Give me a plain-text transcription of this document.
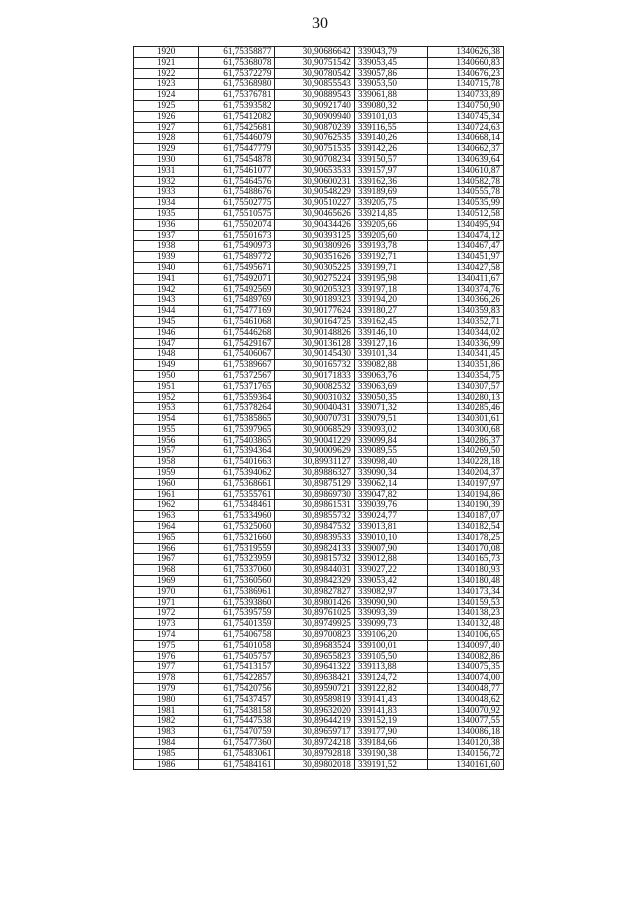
30
1920	61,75358877	30,90686642	339043,79	1340626,38
1921	61,75368078	30,90751542	339053,45	1340660,83
1922	61,75372279	30,90780542	339057,86	1340676,23
1923	61,75368980	30,90855543	339053,50	1340715,78
1924	61,75376781	30,90889543	339061,88	1340733,89
1925	61,75393582	30,90921740	339080,32	1340750,90
1926	61,75412082	30,90909940	339101,03	1340745,34
1927	61,75425681	30,90870239	339116,55	1340724,63
1928	61,75446079	30,90762535	339140,26	1340668,14
1929	61,75447779	30,90751535	339142,26	1340662,37
1930	61,75454878	30,90708234	339150,57	1340639,64
1931	61,75461077	30,90653533	339157,97	1340610,87
1932	61,75464576	30,90600231	339162,36	1340582,78
1933	61,75488676	30,90548229	339189,69	1340555,78
1934	61,75502775	30,90510227	339205,75	1340535,99
1935	61,75510575	30,90465626	339214,85	1340512,58
1936	61,75502074	30,90434426	339205,66	1340495,94
1937	61,75501673	30,90393125	339205,60	1340474,12
1938	61,75490973	30,90380926	339193,78	1340467,47
1939	61,75489772	30,90351626	339192,71	1340451,97
1940	61,75495671	30,90305225	339199,71	1340427,58
1941	61,75492071	30,90275224	339195,98	1340411,67
1942	61,75492569	30,90205323	339197,18	1340374,76
1943	61,75489769	30,90189323	339194,20	1340366,26
1944	61,75477169	30,90177624	339180,27	1340359,83
1945	61,75461068	30,90164725	339162,45	1340352,71
1946	61,75446268	30,90148826	339146,10	1340344,02
1947	61,75429167	30,90136128	339127,16	1340336,99
1948	61,75406067	30,90145430	339101,34	1340341,45
1949	61,75389667	30,90165732	339082,88	1340351,86
1950	61,75372567	30,90171833	339063,76	1340354,75
1951	61,75371765	30,90082532	339063,69	1340307,57
1952	61,75359364	30,90031032	339050,35	1340280,13
1953	61,75378264	30,90040431	339071,32	1340285,46
1954	61,75385865	30,90070731	339079,51	1340301,61
1955	61,75397965	30,90068529	339093,02	1340300,68
1956	61,75403865	30,90041229	339099,84	1340286,37
1957	61,75394364	30,90009629	339089,55	1340269,50
1958	61,75401663	30,89931127	339098,40	1340228,18
1959	61,75394062	30,89886327	339090,34	1340204,37
1960	61,75368661	30,89875129	339062,14	1340197,97
1961	61,75355761	30,89869730	339047,82	1340194,86
1962	61,75348461	30,89861531	339039,76	1340190,39
1963	61,75334960	30,89855732	339024,77	1340187,07
1964	61,75325060	30,89847532	339013,81	1340182,54
1965	61,75321660	30,89839533	339010,10	1340178,25
1966	61,75319559	30,89824133	339007,90	1340170,08
1967	61,75323959	30,89815732	339012,88	1340165,73
1968	61,75337060	30,89844031	339027,22	1340180,93
1969	61,75360560	30,89842329	339053,42	1340180,48
1970	61,75386961	30,89827827	339082,97	1340173,34
1971	61,75393860	30,89801426	339090,90	1340159,53
1972	61,75395759	30,89761025	339093,39	1340138,23
1973	61,75401359	30,89749925	339099,73	1340132,48
1974	61,75406758	30,89700823	339106,20	1340106,65
1975	61,75401058	30,89683524	339100,01	1340097,40
1976	61,75405757	30,89655823	339105,50	1340082,86
1977	61,75413157	30,89641322	339113,88	1340075,35
1978	61,75422857	30,89638421	339124,72	1340074,00
1979	61,75420756	30,89590721	339122,82	1340048,77
1980	61,75437457	30,89589819	339141,43	1340048,62
1981	61,75438158	30,89632020	339141,83	1340070,92
1982	61,75447538	30,89644219	339152,19	1340077,55
1983	61,75470759	30,89659717	339177,90	1340086,18
1984	61,75477360	30,89724218	339184,66	1340120,38
1985	61,75483061	30,89792818	339190,38	1340156,72
1986	61,75484161	30,89802018	339191,52	1340161,60
